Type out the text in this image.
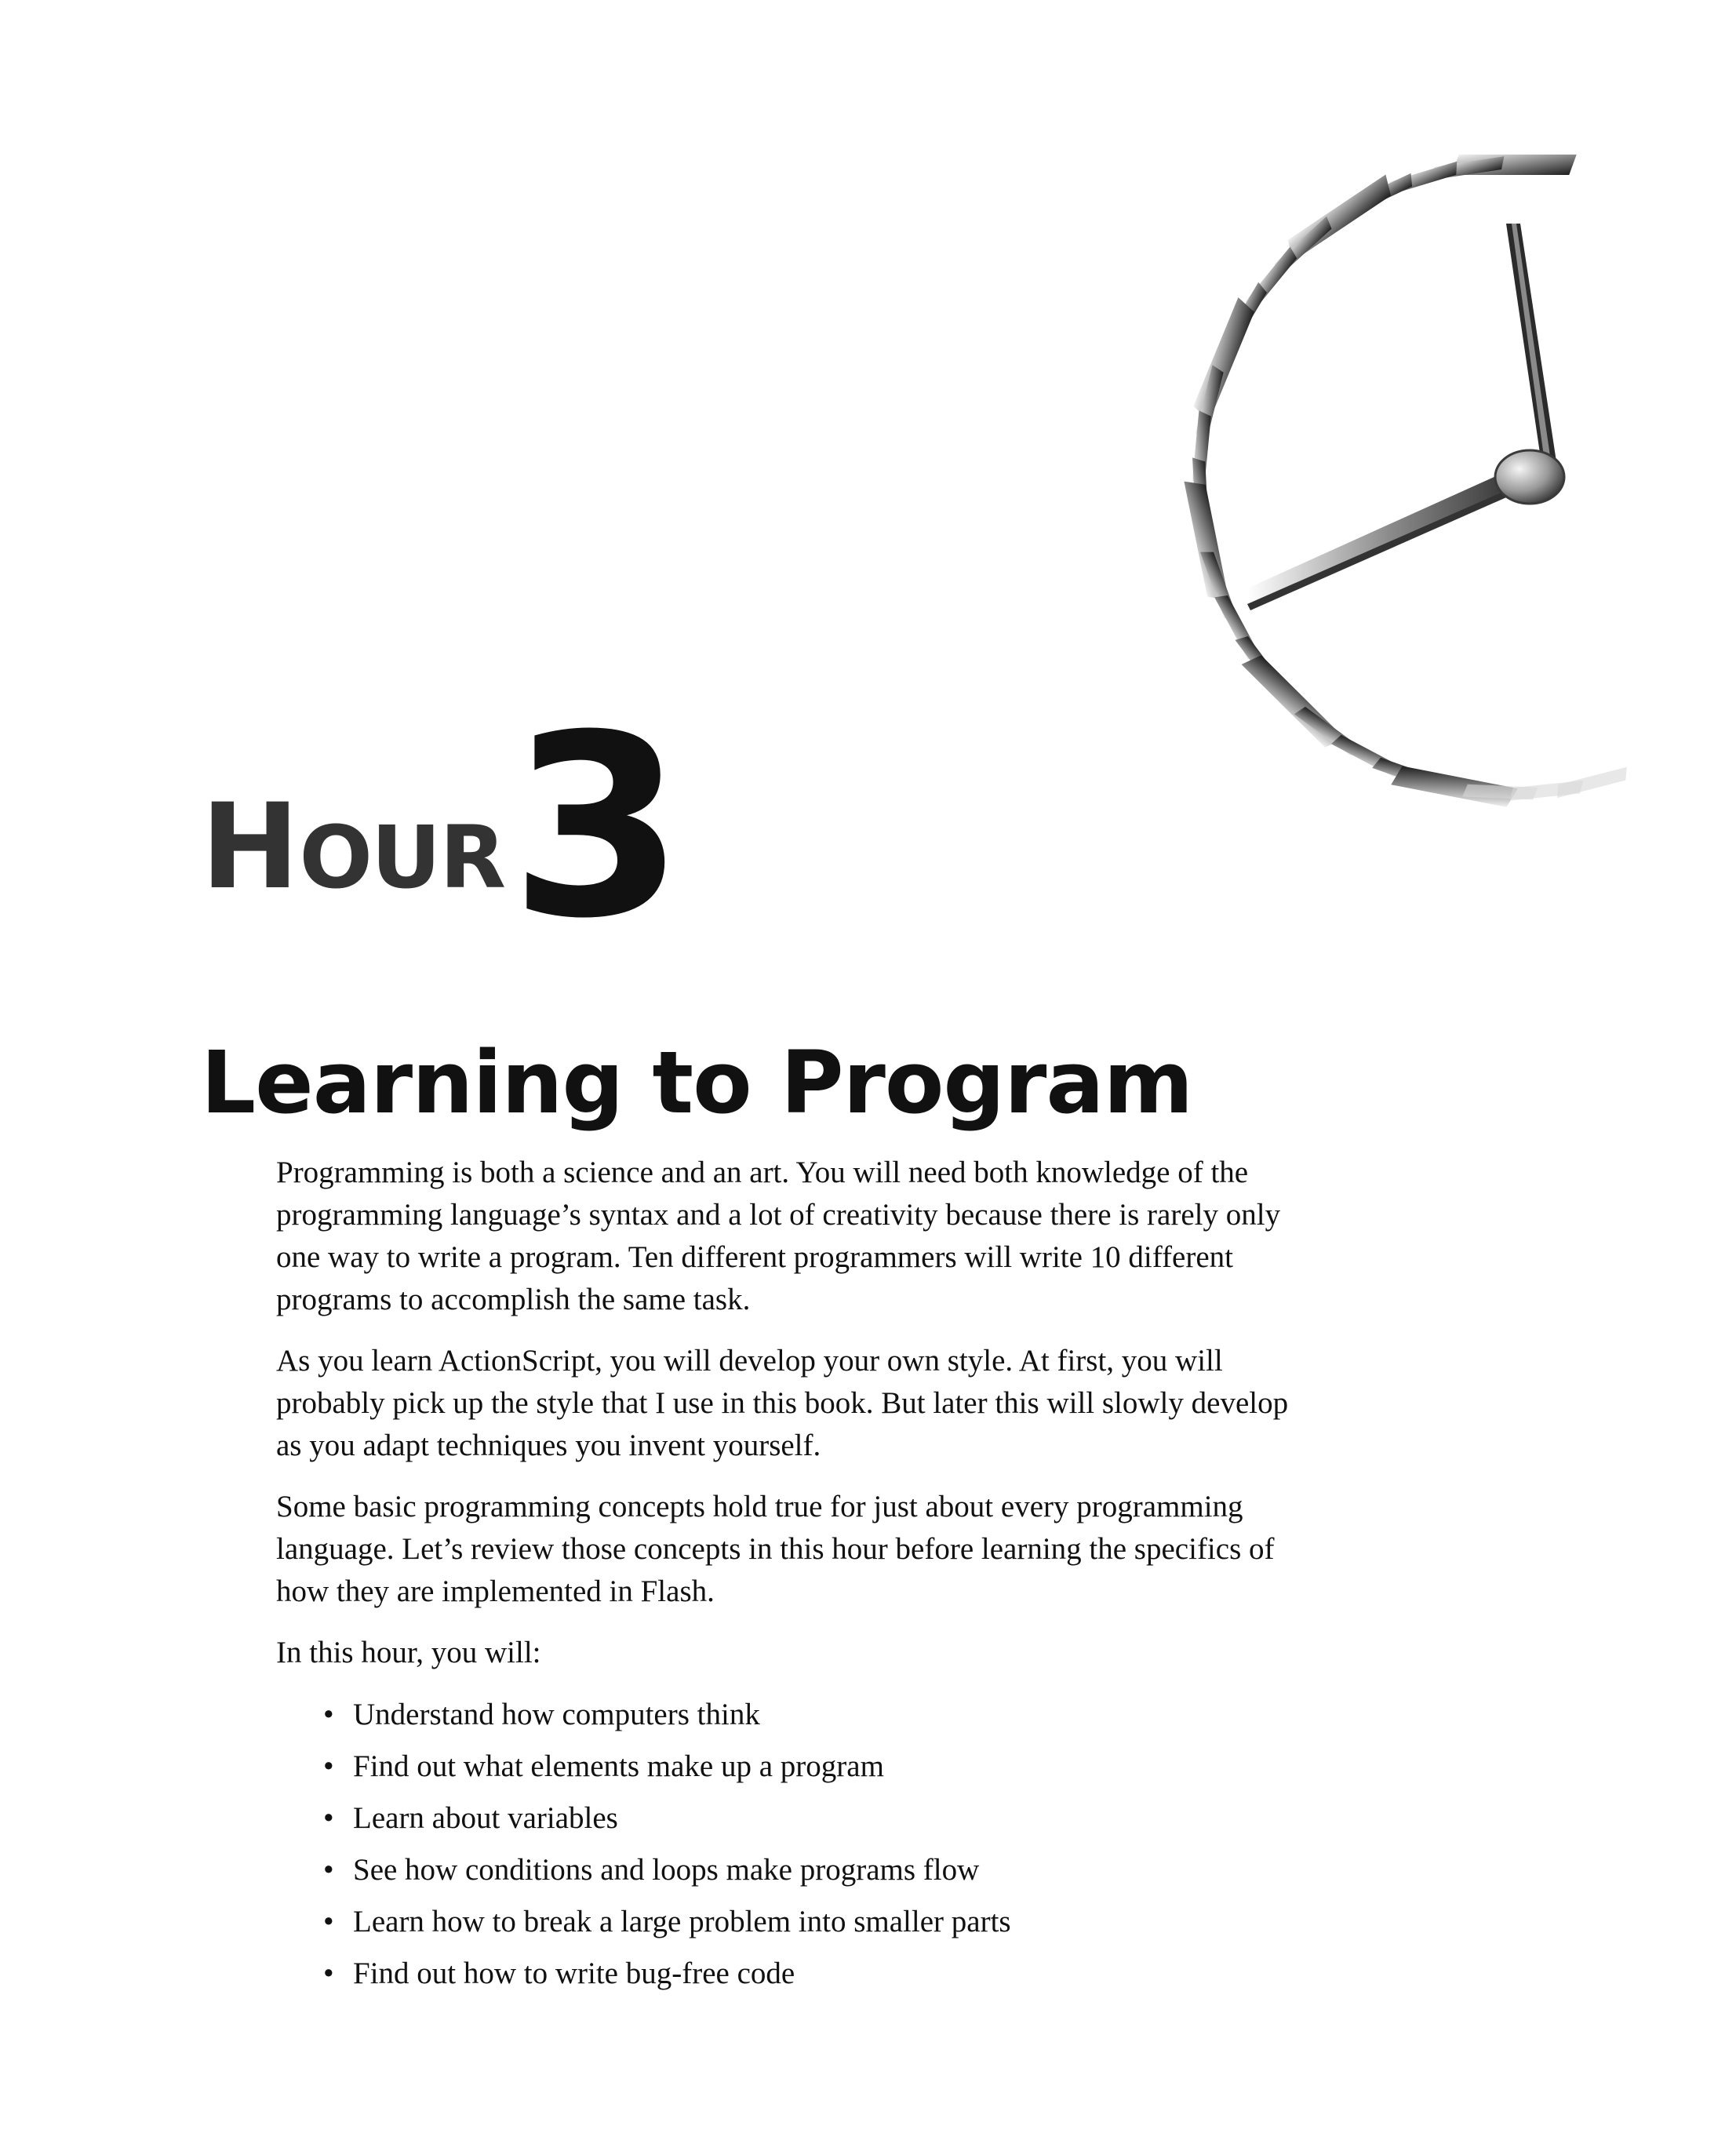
HOUR 3
Learning to Program

Programming is both a science and an art. You will need both knowledge of the programming language’s syntax and a lot of creativity because there is rarely only one way to write a program. Ten different programmers will write 10 different programs to accomplish the same task.

As you learn ActionScript, you will develop your own style. At first, you will probably pick up the style that I use in this book. But later this will slowly develop as you adapt techniques you invent yourself.

Some basic programming concepts hold true for just about every programming language. Let’s review those concepts in this hour before learning the specifics of how they are implemented in Flash.

In this hour, you will:

• Understand how computers think
• Find out what elements make up a program
• Learn about variables
• See how conditions and loops make programs flow
• Learn how to break a large problem into smaller parts
• Find out how to write bug-free code
